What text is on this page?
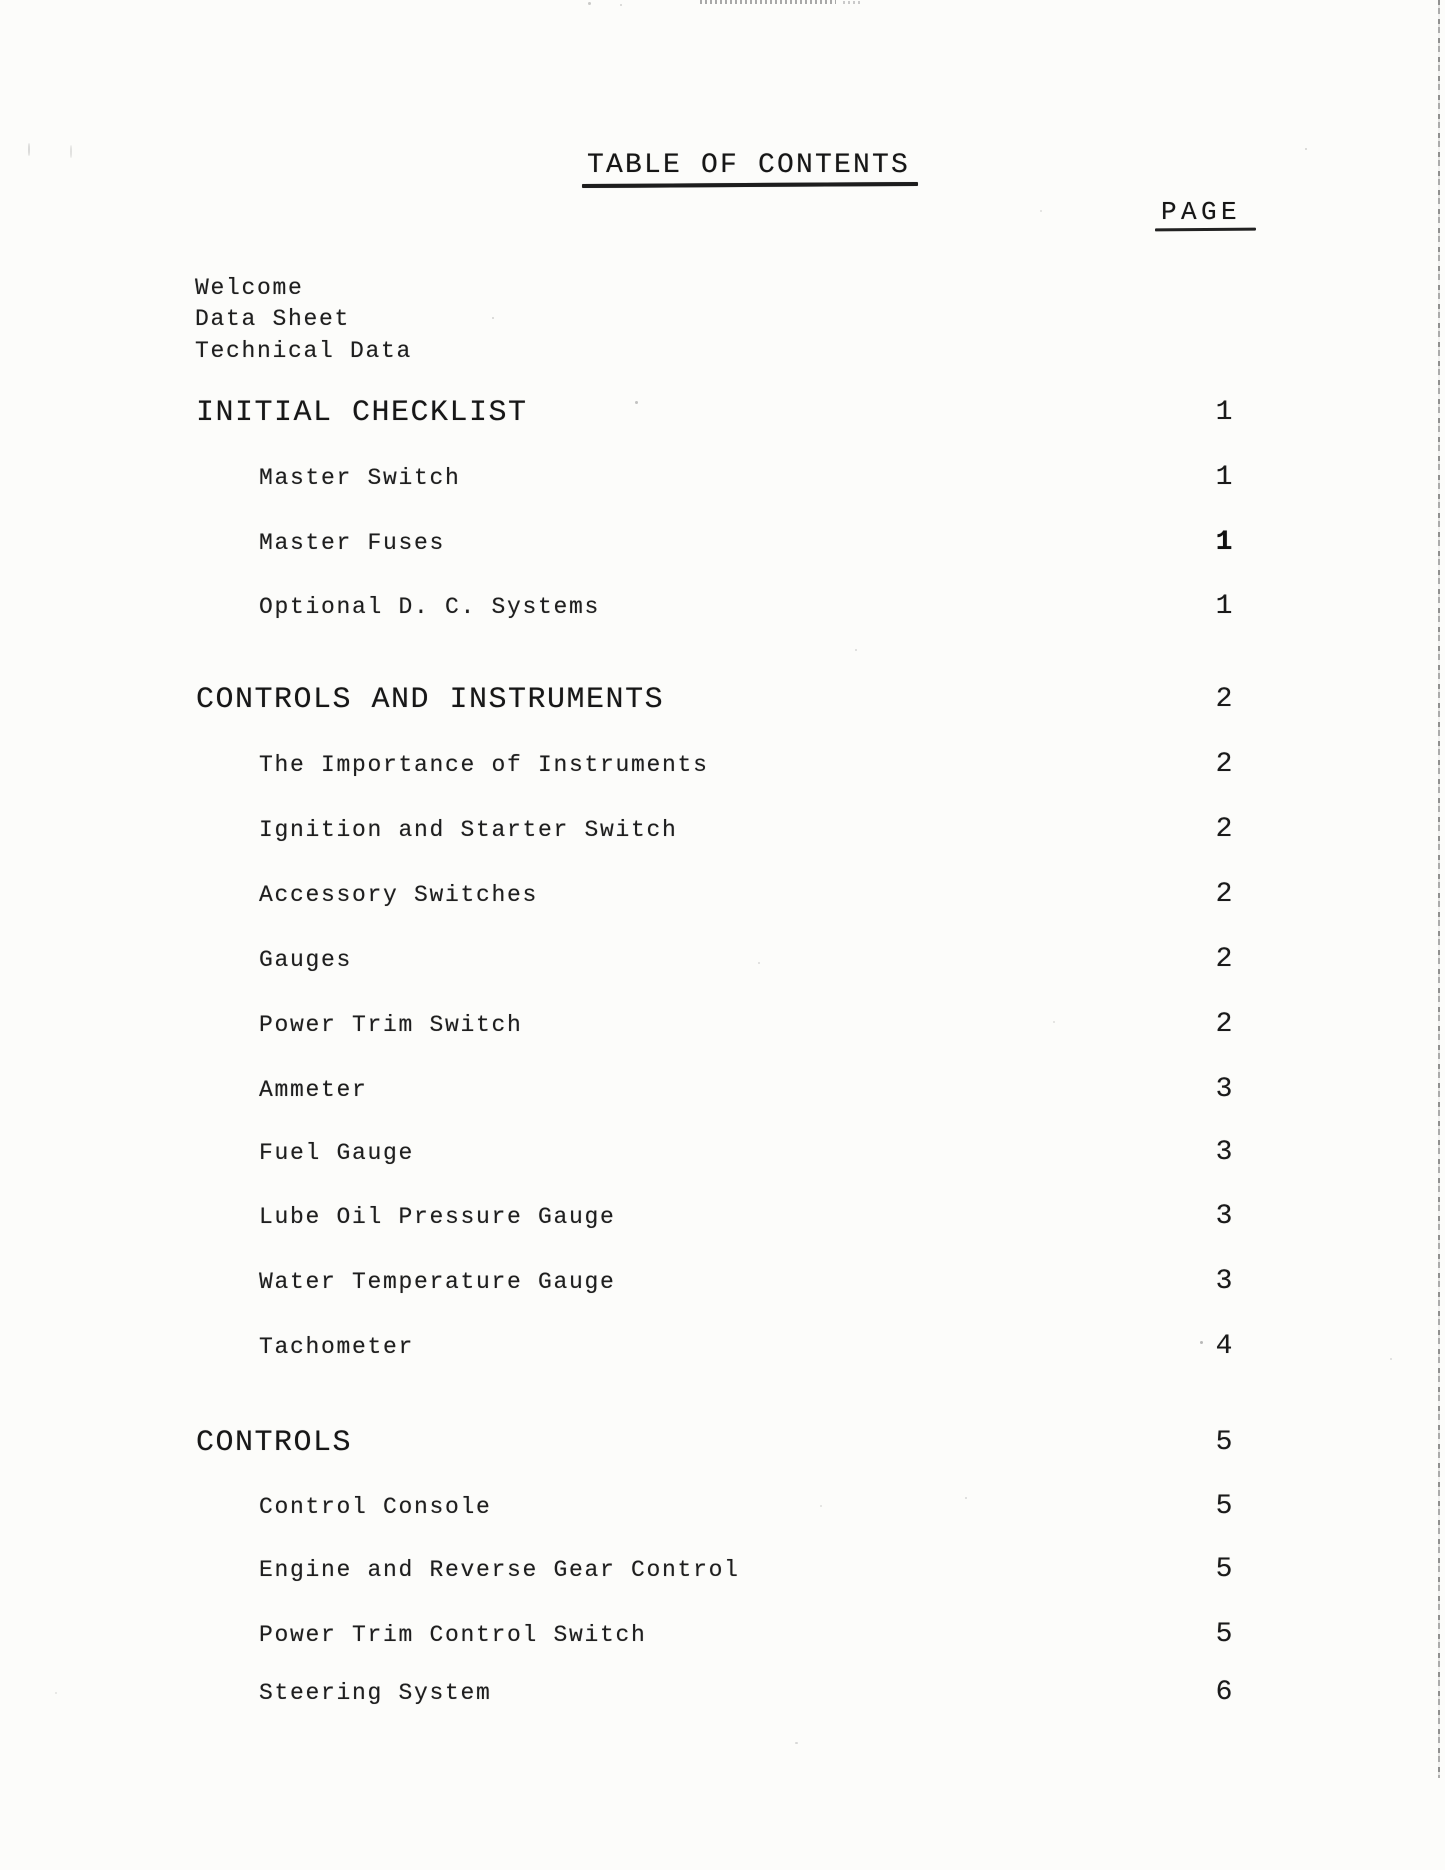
TABLE OF CONTENTS
PAGE
Welcome
Data Sheet
Technical Data
INITIAL CHECKLIST	1
Master Switch	1
Master Fuses	1
Optional D. C. Systems	1
CONTROLS AND INSTRUMENTS	2
The Importance of Instruments	2
Ignition and Starter Switch	2
Accessory Switches	2
Gauges	2
Power Trim Switch	2
Ammeter	3
Fuel Gauge	3
Lube Oil Pressure Gauge	3
Water Temperature Gauge	3
Tachometer	4
CONTROLS	5
Control Console	5
Engine and Reverse Gear Control	5
Power Trim Control Switch	5
Steering System	6
